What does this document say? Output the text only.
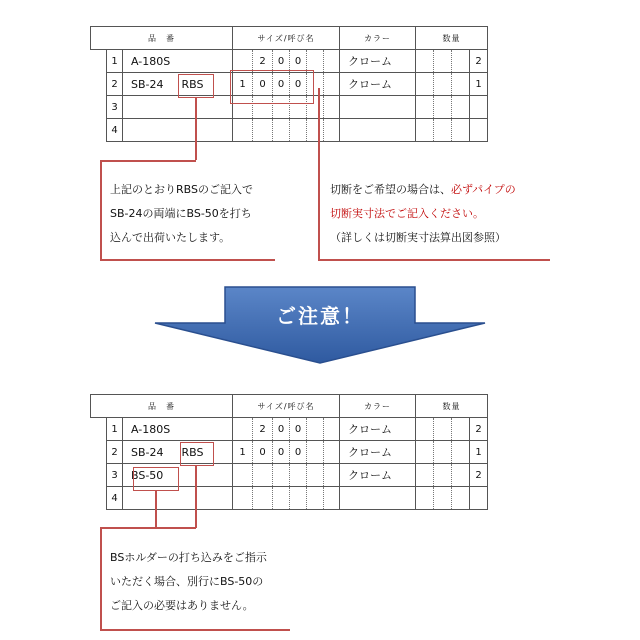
品　番			サイズ/呼び名						カラー	数量			
	1	A-180S		2	0	0			クローム				2
	2	SB-24 RBS	1	0	0	0			クローム				1
	3												
	4												
上記のとおりRBSのご記入で
SB-24の両端にBS-50を打ち
込んで出荷いたします。
切断をご希望の場合は、必ずパイプの
切断実寸法でご記入ください。
（詳しくは切断実寸法算出図参照）
ご注意！
品　番			サイズ/呼び名						カラー	数量			
	1	A-180S		2	0	0			クローム				2
	2	SB-24 RBS	1	0	0	0			クローム				1
	3	BS-50							クローム				2
	4												
BSホルダーの打ち込みをご指示
いただく場合、別行にBS-50の
ご記入の必要はありません。
